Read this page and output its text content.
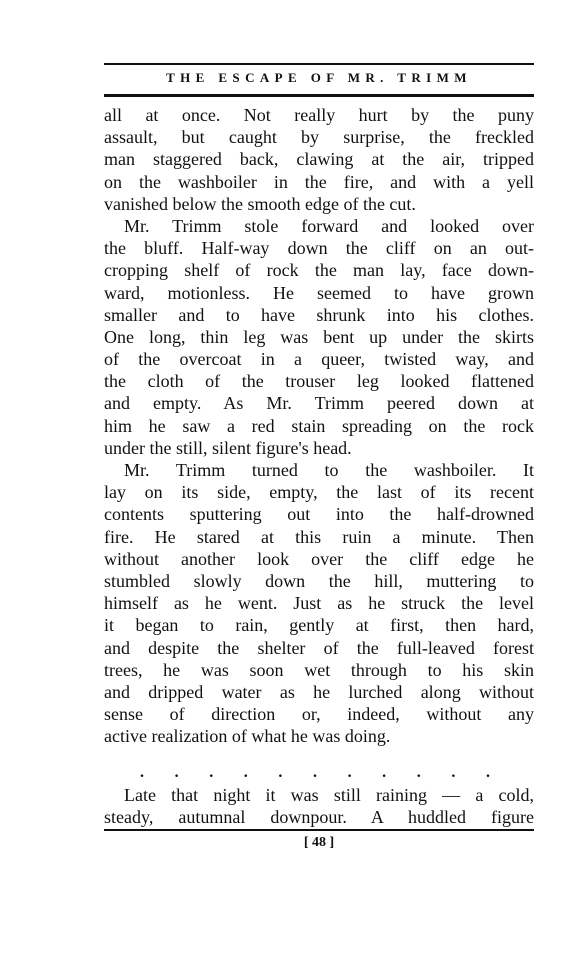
THE ESCAPE OF MR. TRIMM
all at once. Not really hurt by the puny
assault, but caught by surprise, the freckled
man staggered back, clawing at the air, tripped
on the washboiler in the fire, and with a yell
vanished below the smooth edge of the cut.
Mr. Trimm stole forward and looked over
the bluff. Half-way down the cliff on an out-
cropping shelf of rock the man lay, face down-
ward, motionless. He seemed to have grown
smaller and to have shrunk into his clothes.
One long, thin leg was bent up under the skirts
of the overcoat in a queer, twisted way, and
the cloth of the trouser leg looked flattened
and empty. As Mr. Trimm peered down at
him he saw a red stain spreading on the rock
under the still, silent figure's head.
Mr. Trimm turned to the washboiler. It
lay on its side, empty, the last of its recent
contents sputtering out into the half-drowned
fire. He stared at this ruin a minute. Then
without another look over the cliff edge he
stumbled slowly down the hill, muttering to
himself as he went. Just as he struck the level
it began to rain, gently at first, then hard,
and despite the shelter of the full-leaved forest
trees, he was soon wet through to his skin
and dripped water as he lurched along without
sense of direction or, indeed, without any
active realization of what he was doing.
. . . . . . . . . . .
Late that night it was still raining — a cold,
steady, autumnal downpour. A huddled figure
[ 48 ]
